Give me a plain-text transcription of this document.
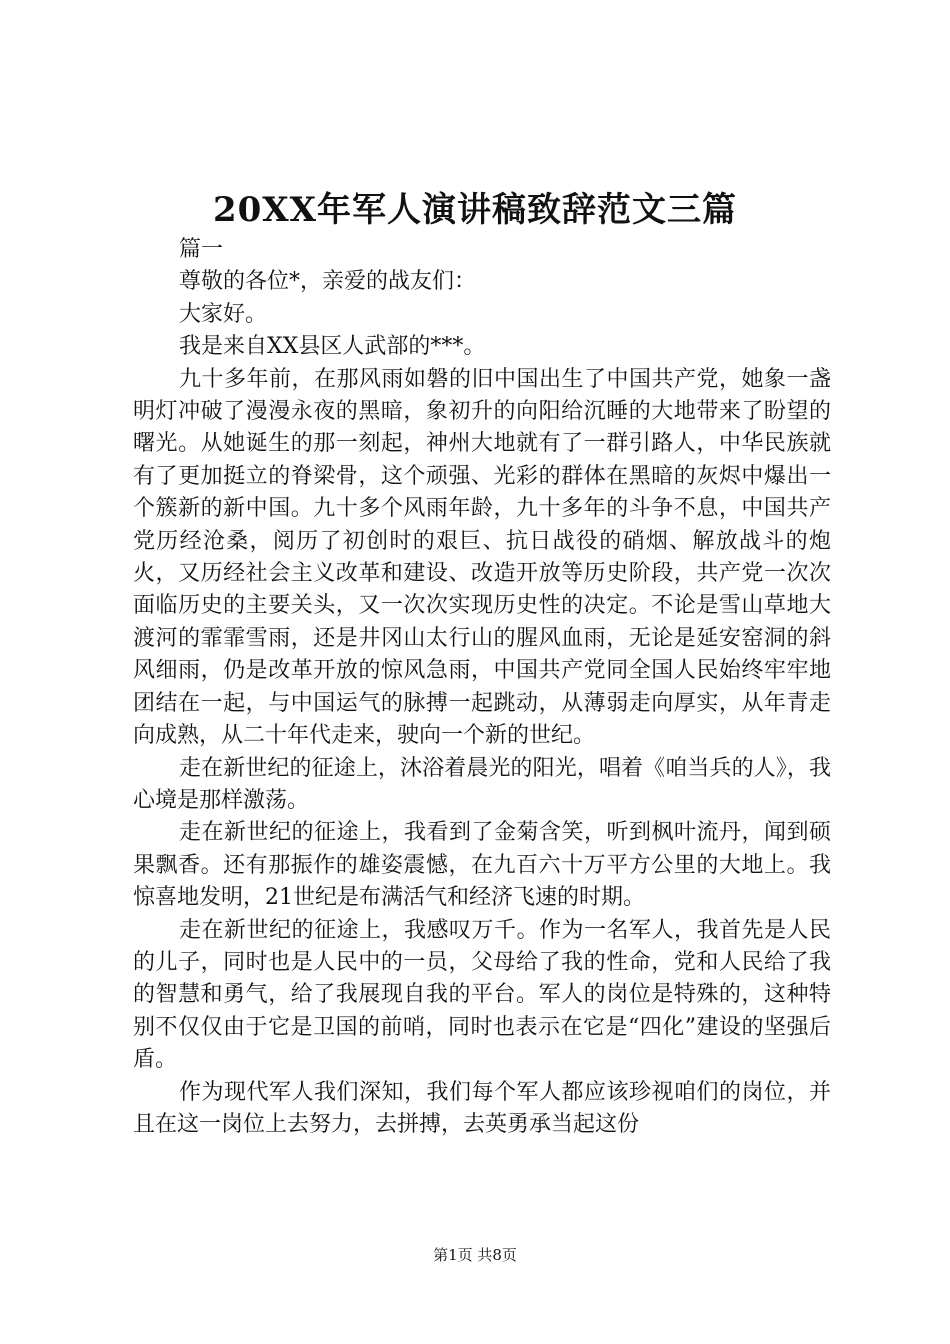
20XX年军人演讲稿致辞范文三篇

篇一

尊敬的各位*，亲爱的战友们：

大家好。

我是来自XX县区人武部的***。

九十多年前，在那风雨如磐的旧中国出生了中国共产党，她象一盏明灯冲破了漫漫永夜的黑暗，象初升的向阳给沉睡的大地带来了盼望的曙光。从她诞生的那一刻起，神州大地就有了一群引路人，中华民族就有了更加挺立的脊梁骨，这个顽强、光彩的群体在黑暗的灰烬中爆出一个簇新的新中国。九十多个风雨年龄，九十多年的斗争不息，中国共产党历经沧桑，阅历了初创时的艰巨、抗日战役的硝烟、解放战斗的炮火，又历经社会主义改革和建设、改造开放等历史阶段，共产党一次次面临历史的主要关头，又一次次实现历史性的决定。不论是雪山草地大渡河的霏霏雪雨，还是井冈山太行山的腥风血雨，无论是延安窑洞的斜风细雨，仍是改革开放的惊风急雨，中国共产党同全国人民始终牢牢地团结在一起，与中国运气的脉搏一起跳动，从薄弱走向厚实，从年青走向成熟，从二十年代走来，驶向一个新的世纪。

走在新世纪的征途上，沐浴着晨光的阳光，唱着《咱当兵的人》，我心境是那样激荡。

走在新世纪的征途上，我看到了金菊含笑，听到枫叶流丹，闻到硕果飘香。还有那振作的雄姿震憾，在九百六十万平方公里的大地上。我惊喜地发明，21世纪是布满活气和经济飞速的时期。

走在新世纪的征途上，我感叹万千。作为一名军人，我首先是人民的儿子，同时也是人民中的一员，父母给了我的性命，党和人民给了我的智慧和勇气，给了我展现自我的平台。军人的岗位是特殊的，这种特别不仅仅由于它是卫国的前哨，同时也表示在它是“四化”建设的坚强后盾。

作为现代军人我们深知，我们每个军人都应该珍视咱们的岗位，并且在这一岗位上去努力，去拼搏，去英勇承当起这份

第1页 共8页
